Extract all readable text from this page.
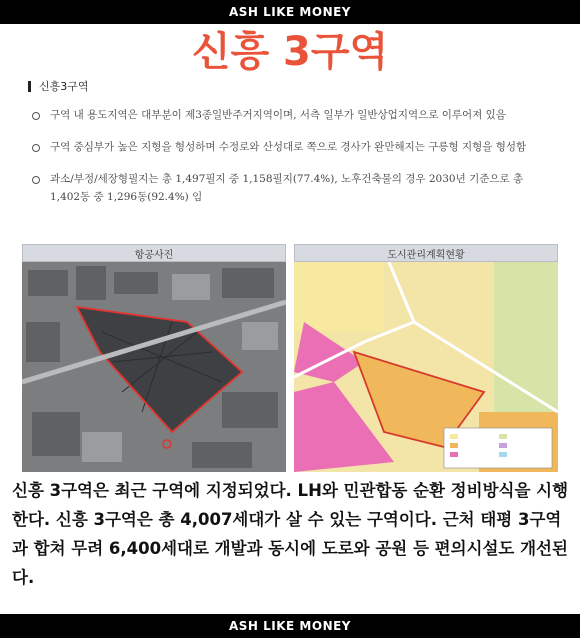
ASH LIKE MONEY
신흥 3구역
신흥3구역
구역 내 용도지역은 대부분이 제3종일반주거지역이며, 서측 일부가 일반상업지역으로 이루어져 있음
구역 중심부가 높은 지형을 형성하며 수정로와 산성대로 쪽으로 경사가 완만해지는 구릉형 지형을 형성함
과소/부정/세장형필지는 총 1,497필지 중 1,158필지(77.4%), 노후건축물의 경우 2030년 기준으로 총 1,402동 중 1,296동(92.4%) 임
항공사진	도시관리계획현황
신흥 3구역은 최근 구역에 지정되었다. LH와 민관합동 순환 정비방식을 시행한다. 신흥 3구역은 총 4,007세대가 살 수 있는 구역이다. 근처 태평 3구역과 합쳐 무려 6,400세대로 개발과 동시에 도로와 공원 등 편의시설도 개선된다.
ASH LIKE MONEY
